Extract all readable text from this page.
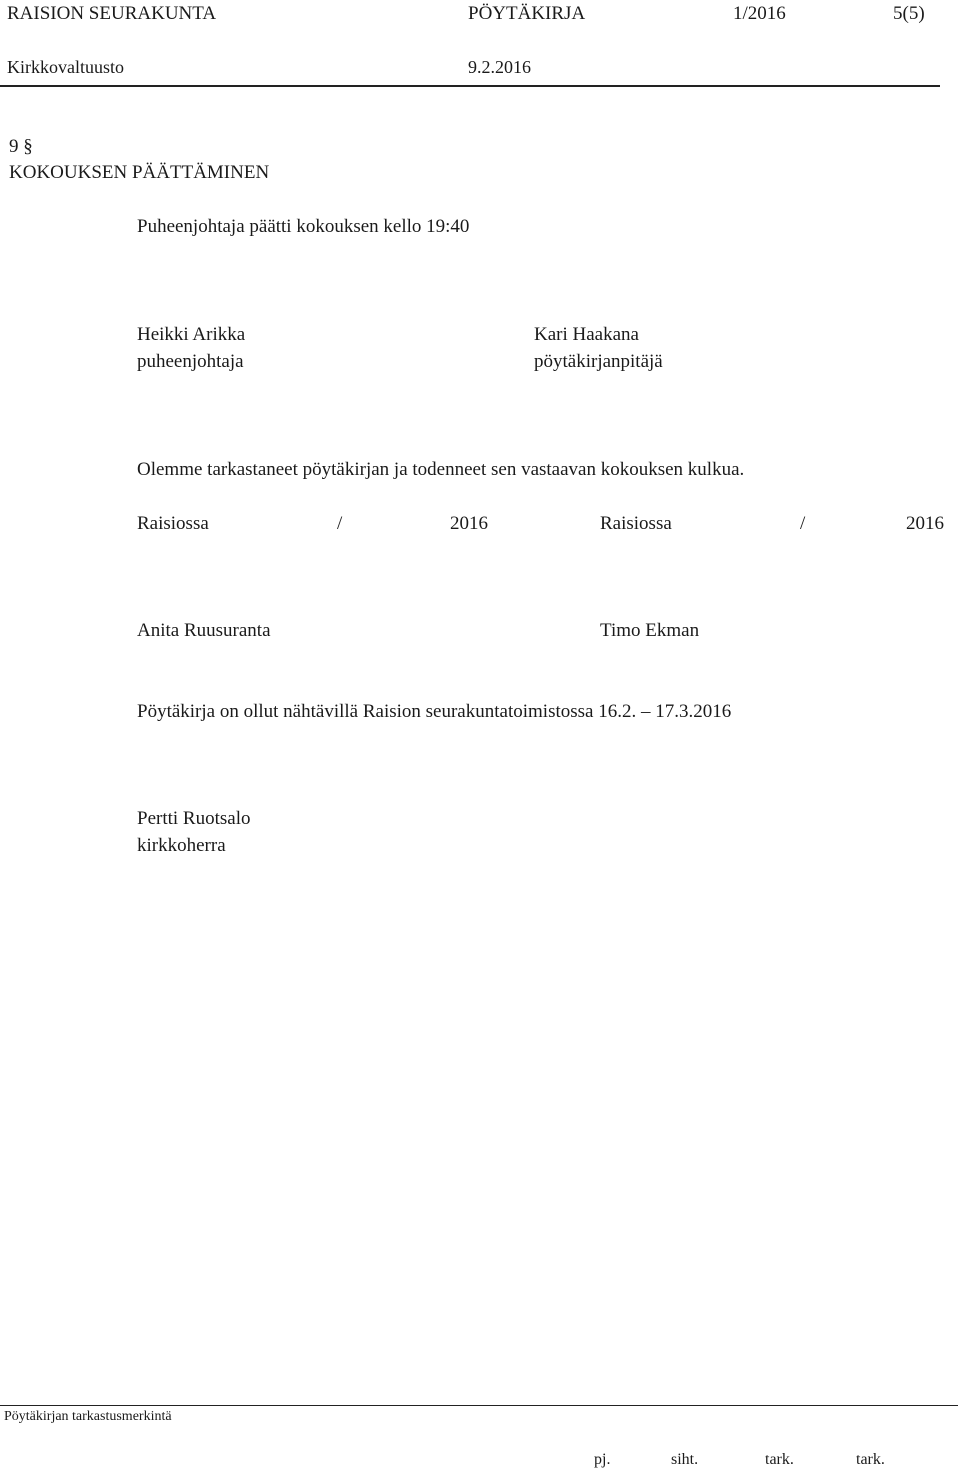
RAISION SEURAKUNTA	PÖYTÄKIRJA	1/2016	5(5)
Kirkkovaltuusto	9.2.2016
9 §
KOKOUKSEN PÄÄTTÄMINEN
Puheenjohtaja päätti kokouksen kello 19:40
Heikki Arikka
puheenjohtaja
Kari Haakana
pöytäkirjanpitäjä
Olemme tarkastaneet pöytäkirjan ja todenneet sen vastaavan kokouksen kulkua.
Raisiossa	/	2016	Raisiossa	/	2016
Anita Ruusuranta	Timo Ekman
Pöytäkirja on ollut nähtävillä Raision seurakuntatoimistossa 16.2. – 17.3.2016
Pertti Ruotsalo
kirkkoherra
Pöytäkirjan tarkastusmerkintä
pj.	siht.	tark.	tark.
